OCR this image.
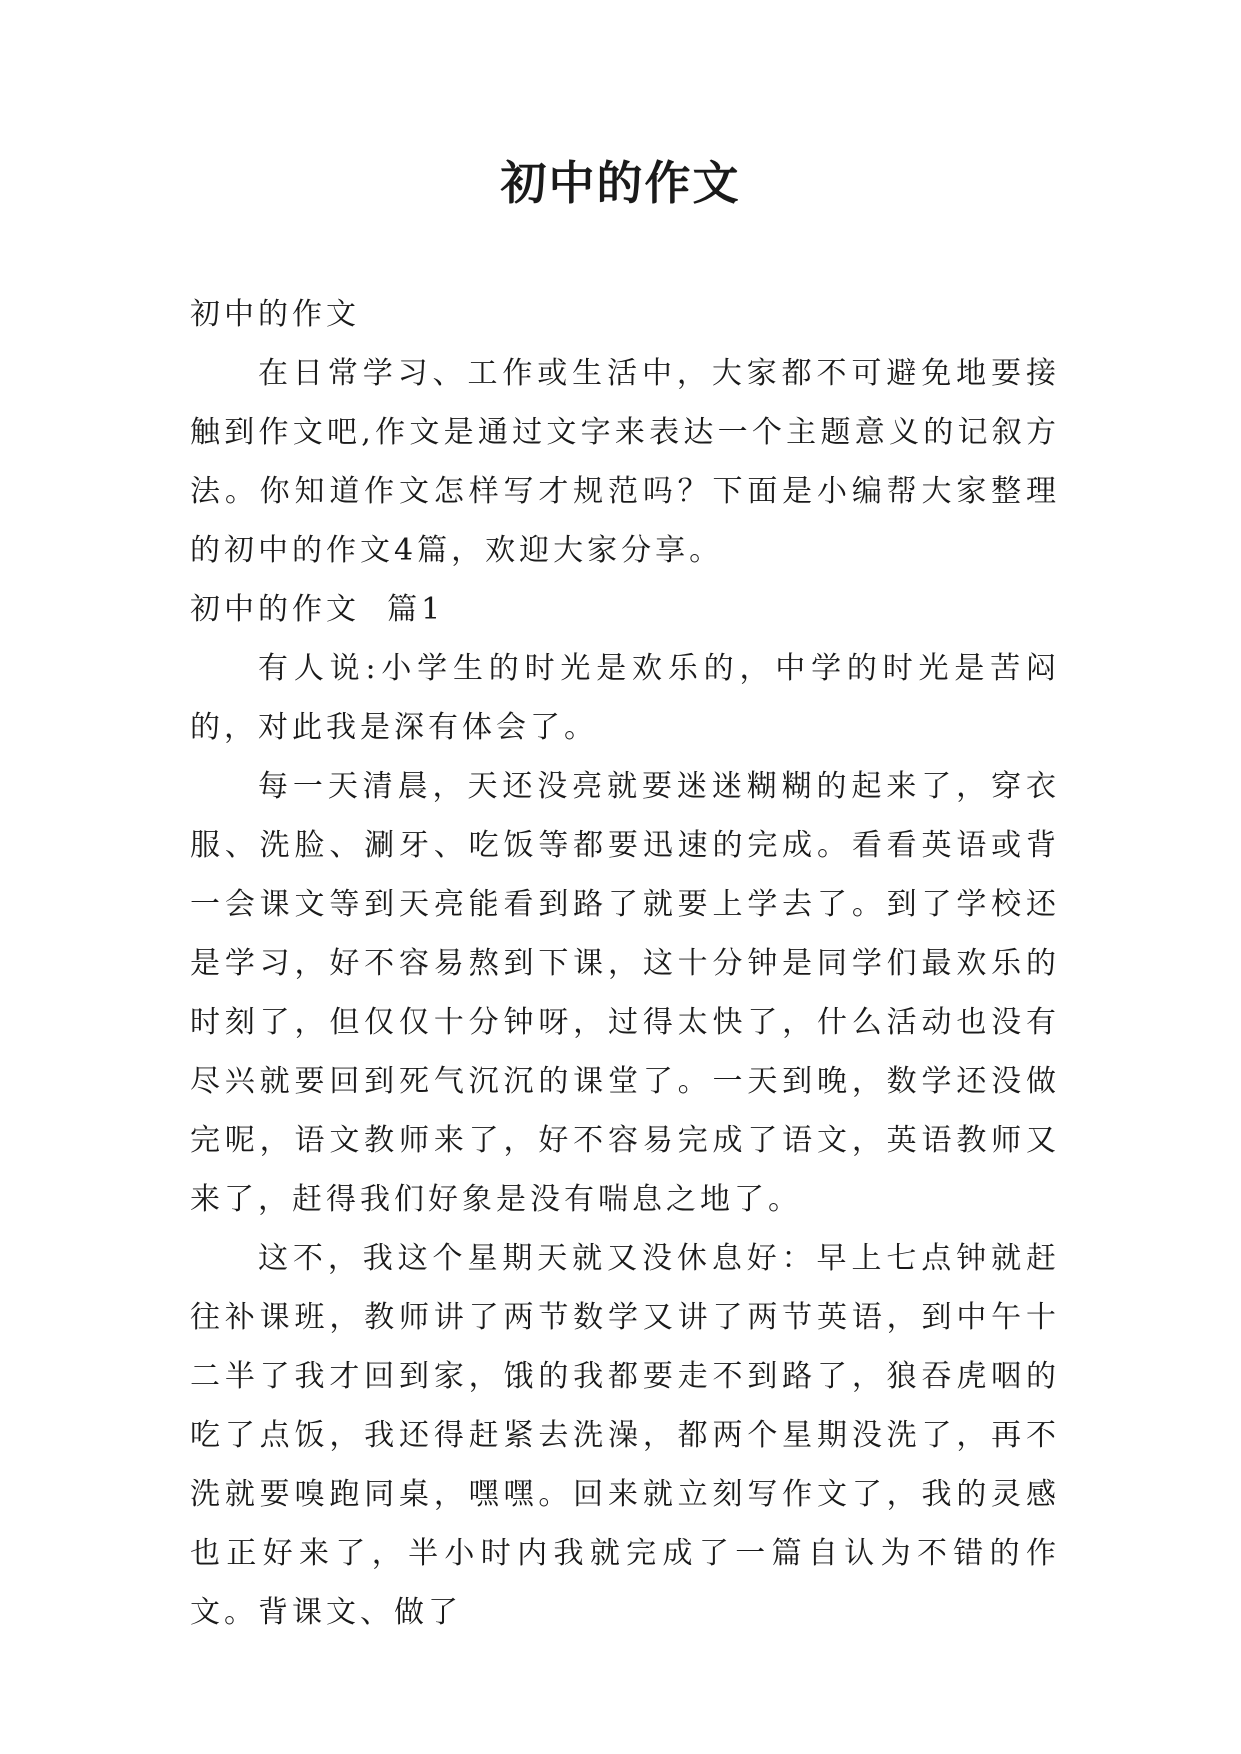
初中的作文

初中的作文

在日常学习、工作或生活中，大家都不可避免地要接触到作文吧,作文是通过文字来表达一个主题意义的记叙方法。你知道作文怎样写才规范吗？下面是小编帮大家整理的初中的作文4篇，欢迎大家分享。

初中的作文  篇1

有人说:小学生的时光是欢乐的，中学的时光是苦闷的，对此我是深有体会了。

每一天清晨，天还没亮就要迷迷糊糊的起来了，穿衣服、洗脸、涮牙、吃饭等都要迅速的完成。看看英语或背一会课文等到天亮能看到路了就要上学去了。到了学校还是学习，好不容易熬到下课，这十分钟是同学们最欢乐的时刻了，但仅仅十分钟呀，过得太快了，什么活动也没有尽兴就要回到死气沉沉的课堂了。一天到晚，数学还没做完呢，语文教师来了，好不容易完成了语文，英语教师又来了，赶得我们好象是没有喘息之地了。

这不，我这个星期天就又没休息好：早上七点钟就赶往补课班，教师讲了两节数学又讲了两节英语，到中午十二半了我才回到家，饿的我都要走不到路了，狼吞虎咽的吃了点饭，我还得赶紧去洗澡，都两个星期没洗了，再不洗就要嗅跑同桌，嘿嘿。回来就立刻写作文了，我的灵感也正好来了，半小时内我就完成了一篇自认为不错的作文。背课文、做了
